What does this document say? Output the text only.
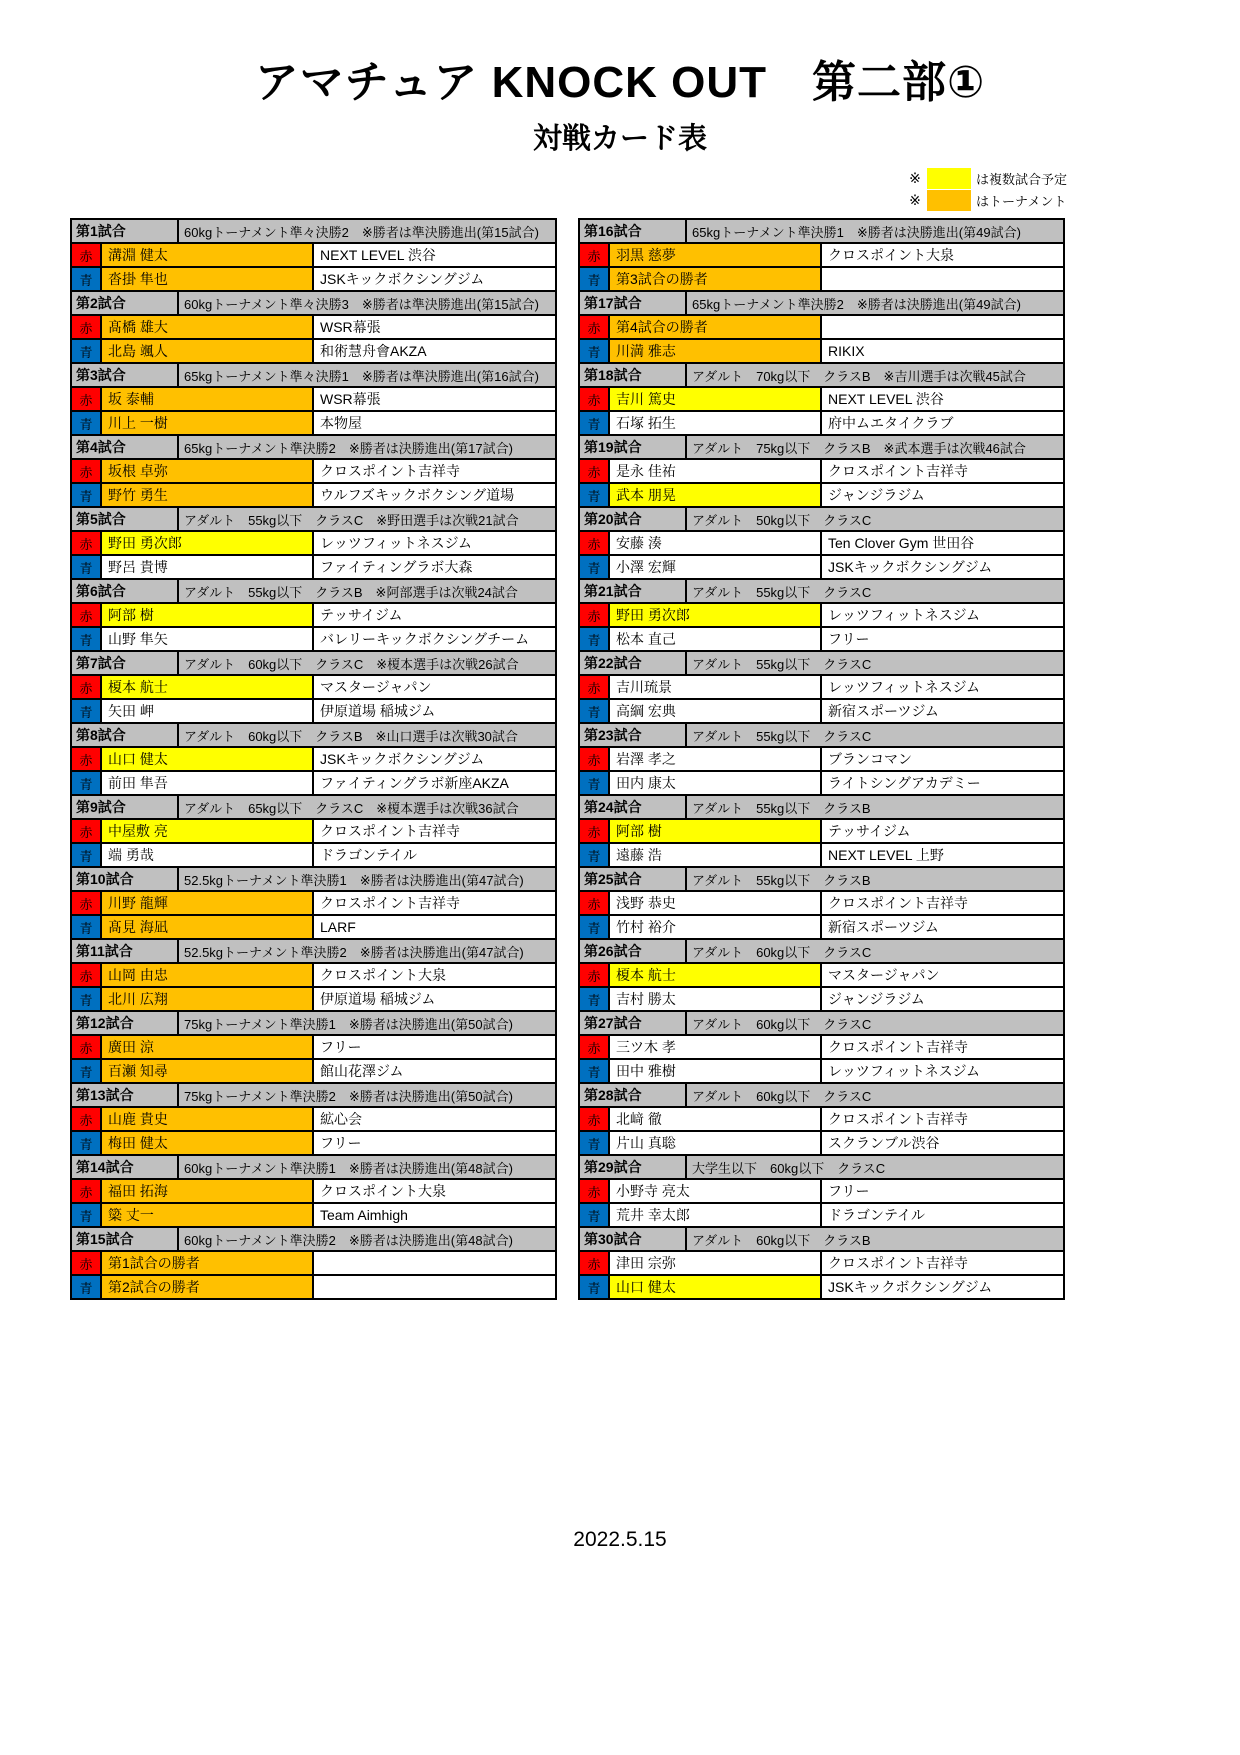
アマチュア KNOCK OUT　第二部①
対戦カード表
※	は複数試合予定
※	はトーナメント
第1試合	60kgトーナメント準々決勝2　※勝者は準決勝進出(第15試合)
赤	溝淵 健太	NEXT LEVEL 渋谷
青	沓掛 隼也	JSKキックボクシングジム
第2試合	60kgトーナメント準々決勝3　※勝者は準決勝進出(第15試合)
赤	髙橋 雄大	WSR幕張
青	北島 颯人	和術慧舟會AKZA
第3試合	65kgトーナメント準々決勝1　※勝者は準決勝進出(第16試合)
赤	坂 泰輔	WSR幕張
青	川上 一樹	本物屋
第4試合	65kgトーナメント準決勝2　※勝者は決勝進出(第17試合)
赤	坂根 卓弥	クロスポイント吉祥寺
青	野竹 勇生	ウルフズキックボクシング道場
第5試合	アダルト　55kg以下　クラスC　※野田選手は次戦21試合
赤	野田 勇次郎	レッツフィットネスジム
青	野呂 貴博	ファイティングラボ大森
第6試合	アダルト　55kg以下　クラスB　※阿部選手は次戦24試合
赤	阿部 樹	テッサイジム
青	山野 隼矢	バレリーキックボクシングチーム
第7試合	アダルト　60kg以下　クラスC　※榎本選手は次戦26試合
赤	榎本 航士	マスタージャパン
青	矢田 岬	伊原道場 稲城ジム
第8試合	アダルト　60kg以下　クラスB　※山口選手は次戦30試合
赤	山口 健太	JSKキックボクシングジム
青	前田 隼吾	ファイティングラボ新座AKZA
第9試合	アダルト　65kg以下　クラスC　※榎本選手は次戦36試合
赤	中屋敷 亮	クロスポイント吉祥寺
青	端 勇哉	ドラゴンテイル
第10試合	52.5kgトーナメント準決勝1　※勝者は決勝進出(第47試合)
赤	川野 龍輝	クロスポイント吉祥寺
青	髙見 海凪	LARF
第11試合	52.5kgトーナメント準決勝2　※勝者は決勝進出(第47試合)
赤	山岡 由忠	クロスポイント大泉
青	北川 広翔	伊原道場 稲城ジム
第12試合	75kgトーナメント準決勝1　※勝者は決勝進出(第50試合)
赤	廣田 涼	フリー
青	百瀬 知尋	館山花澤ジム
第13試合	75kgトーナメント準決勝2　※勝者は決勝進出(第50試合)
赤	山鹿 貴史	絋心会
青	梅田 健太	フリー
第14試合	60kgトーナメント準決勝1　※勝者は決勝進出(第48試合)
赤	福田 拓海	クロスポイント大泉
青	簗 丈一	Team Aimhigh
第15試合	60kgトーナメント準決勝2　※勝者は決勝進出(第48試合)
赤	第1試合の勝者
青	第2試合の勝者
第16試合	65kgトーナメント準決勝1　※勝者は決勝進出(第49試合)
赤	羽黒 慈夢	クロスポイント大泉
青	第3試合の勝者
第17試合	65kgトーナメント準決勝2　※勝者は決勝進出(第49試合)
赤	第4試合の勝者
青	川満 雅志	RIKIX
第18試合	アダルト　70kg以下　クラスB　※吉川選手は次戦45試合
赤	吉川 篤史	NEXT LEVEL 渋谷
青	石塚 拓生	府中ムエタイクラブ
第19試合	アダルト　75kg以下　クラスB　※武本選手は次戦46試合
赤	是永 佳祐	クロスポイント吉祥寺
青	武本 朋晃	ジャンジラジム
第20試合	アダルト　50kg以下　クラスC
赤	安藤 湊	Ten Clover Gym 世田谷
青	小澤 宏輝	JSKキックボクシングジム
第21試合	アダルト　55kg以下　クラスC
赤	野田 勇次郎	レッツフィットネスジム
青	松本 直己	フリー
第22試合	アダルト　55kg以下　クラスC
赤	吉川琉景	レッツフィットネスジム
青	高綱 宏典	新宿スポーツジム
第23試合	アダルト　55kg以下　クラスC
赤	岩澤 孝之	ブランコマン
青	田内 康太	ライトシングアカデミー
第24試合	アダルト　55kg以下　クラスB
赤	阿部 樹	テッサイジム
青	遠藤 浩	NEXT LEVEL 上野
第25試合	アダルト　55kg以下　クラスB
赤	浅野 恭史	クロスポイント吉祥寺
青	竹村 裕介	新宿スポーツジム
第26試合	アダルト　60kg以下　クラスC
赤	榎本 航士	マスタージャパン
青	吉村 勝太	ジャンジラジム
第27試合	アダルト　60kg以下　クラスC
赤	三ツ木 孝	クロスポイント吉祥寺
青	田中 雅樹	レッツフィットネスジム
第28試合	アダルト　60kg以下　クラスC
赤	北﨑 徹	クロスポイント吉祥寺
青	片山 真聡	スクランブル渋谷
第29試合	大学生以下　60kg以下　クラスC
赤	小野寺 亮太	フリー
青	荒井 幸太郎	ドラゴンテイル
第30試合	アダルト　60kg以下　クラスB
赤	津田 宗弥	クロスポイント吉祥寺
青	山口 健太	JSKキックボクシングジム
2022.5.15
